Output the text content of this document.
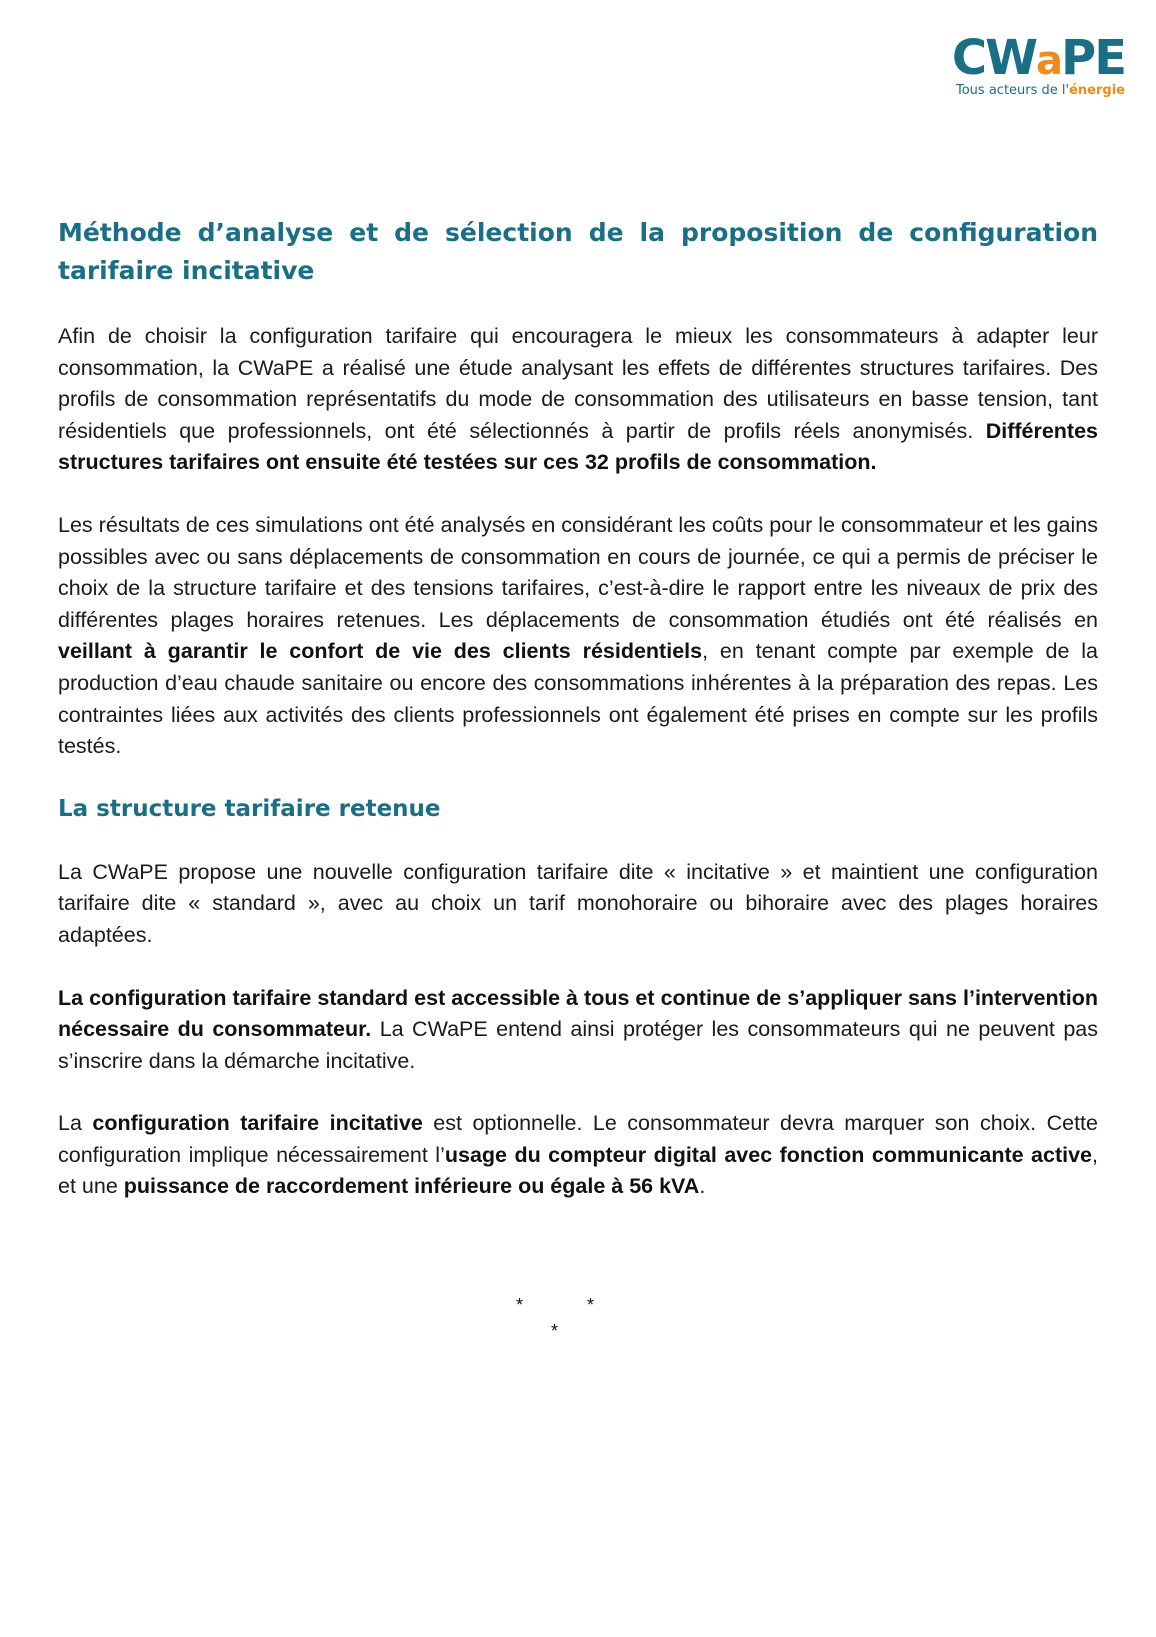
CWaPE
Tous acteurs de l'énergie
Méthode d’analyse et de sélection de la proposition de configuration tarifaire incitative

Afin de choisir la configuration tarifaire qui encouragera le mieux les consommateurs à adapter leur consommation, la CWaPE a réalisé une étude analysant les effets de différentes structures tarifaires. Des profils de consommation représentatifs du mode de consommation des utilisateurs en basse tension, tant résidentiels que professionnels, ont été sélectionnés à partir de profils réels anonymisés. Différentes structures tarifaires ont ensuite été testées sur ces 32 profils de consommation.

Les résultats de ces simulations ont été analysés en considérant les coûts pour le consommateur et les gains possibles avec ou sans déplacements de consommation en cours de journée, ce qui a permis de préciser le choix de la structure tarifaire et des tensions tarifaires, c’est-à-dire le rapport entre les niveaux de prix des différentes plages horaires retenues. Les déplacements de consommation étudiés ont été réalisés en veillant à garantir le confort de vie des clients résidentiels, en tenant compte par exemple de la production d’eau chaude sanitaire ou encore des consommations inhérentes à la préparation des repas. Les contraintes liées aux activités des clients professionnels ont également été prises en compte sur les profils testés.

La structure tarifaire retenue

La CWaPE propose une nouvelle configuration tarifaire dite « incitative » et maintient une configuration tarifaire dite « standard », avec au choix un tarif monohoraire ou bihoraire avec des plages horaires adaptées.

La configuration tarifaire standard est accessible à tous et continue de s’appliquer sans l’intervention nécessaire du consommateur. La CWaPE entend ainsi protéger les consommateurs qui ne peuvent pas s’inscrire dans la démarche incitative.

La configuration tarifaire incitative est optionnelle. Le consommateur devra marquer son choix. Cette configuration implique nécessairement l’usage du compteur digital avec fonction communicante active, et une puissance de raccordement inférieure ou égale à 56 kVA.

*	*
*
